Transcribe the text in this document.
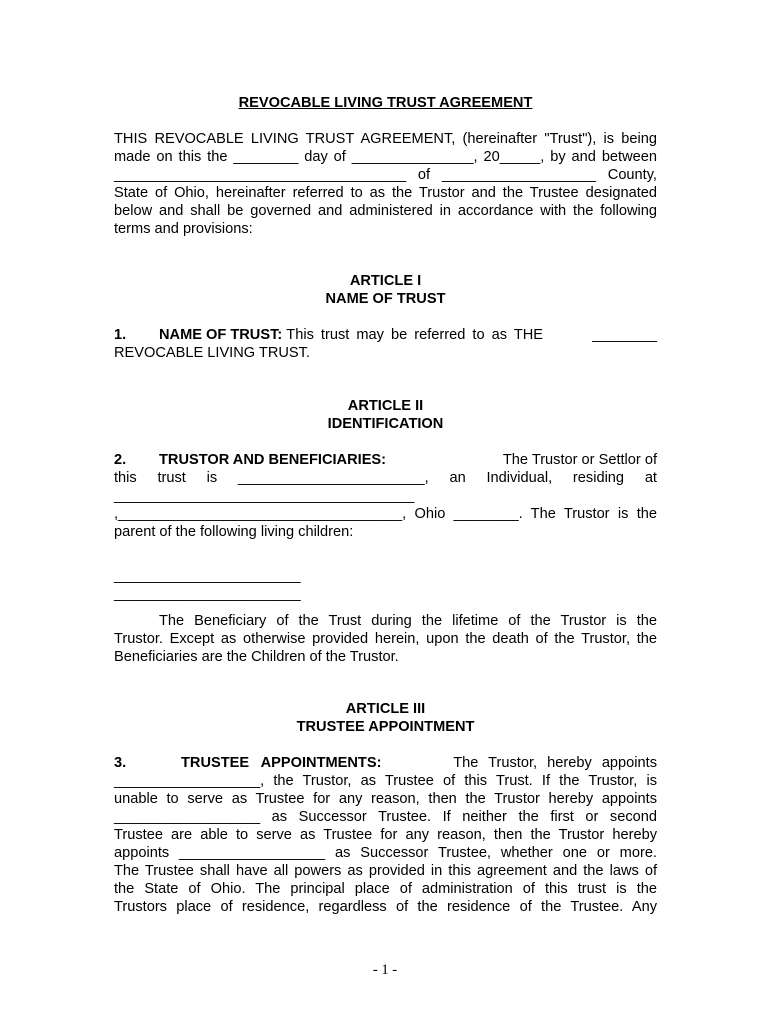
REVOCABLE LIVING TRUST AGREEMENT
THIS REVOCABLE LIVING TRUST AGREEMENT, (hereinafter "Trust"), is being
made on this the ________ day of _______________, 20_____, by and between
____________________________________ of ___________________ County,
State of Ohio, hereinafter referred to as the Trustor and the Trustee designated
below and shall be governed and administered in accordance with the following
terms and provisions:
ARTICLE I
NAME OF TRUST
1. NAME OF TRUST: This trust may be referred to as THE	________
REVOCABLE LIVING TRUST.
ARTICLE II
IDENTIFICATION
2. TRUSTOR AND BENEFICIARIES:	The Trustor or Settlor of
this trust is _______________________, an Individual, residing at
_____________________________________
,___________________________________, Ohio ________. The Trustor is the
parent of the following living children:
_______________________
_______________________
The Beneficiary of the Trust during the lifetime of the Trustor is the
Trustor. Except as otherwise provided herein, upon the death of the Trustor, the
Beneficiaries are the Children of the Trustor.
ARTICLE III
TRUSTEE APPOINTMENT
3.	TRUSTEE APPOINTMENTS:	The Trustor, hereby appoints
__________________, the Trustor, as Trustee of this Trust. If the Trustor, is
unable to serve as Trustee for any reason, then the Trustor hereby appoints
__________________ as Successor Trustee. If neither the first or second
Trustee are able to serve as Trustee for any reason, then the Trustor hereby
appoints __________________ as Successor Trustee, whether one or more.
The Trustee shall have all powers as provided in this agreement and the laws of
the State of Ohio. The principal place of administration of this trust is the
Trustors place of residence, regardless of the residence of the Trustee. Any
- 1 -
